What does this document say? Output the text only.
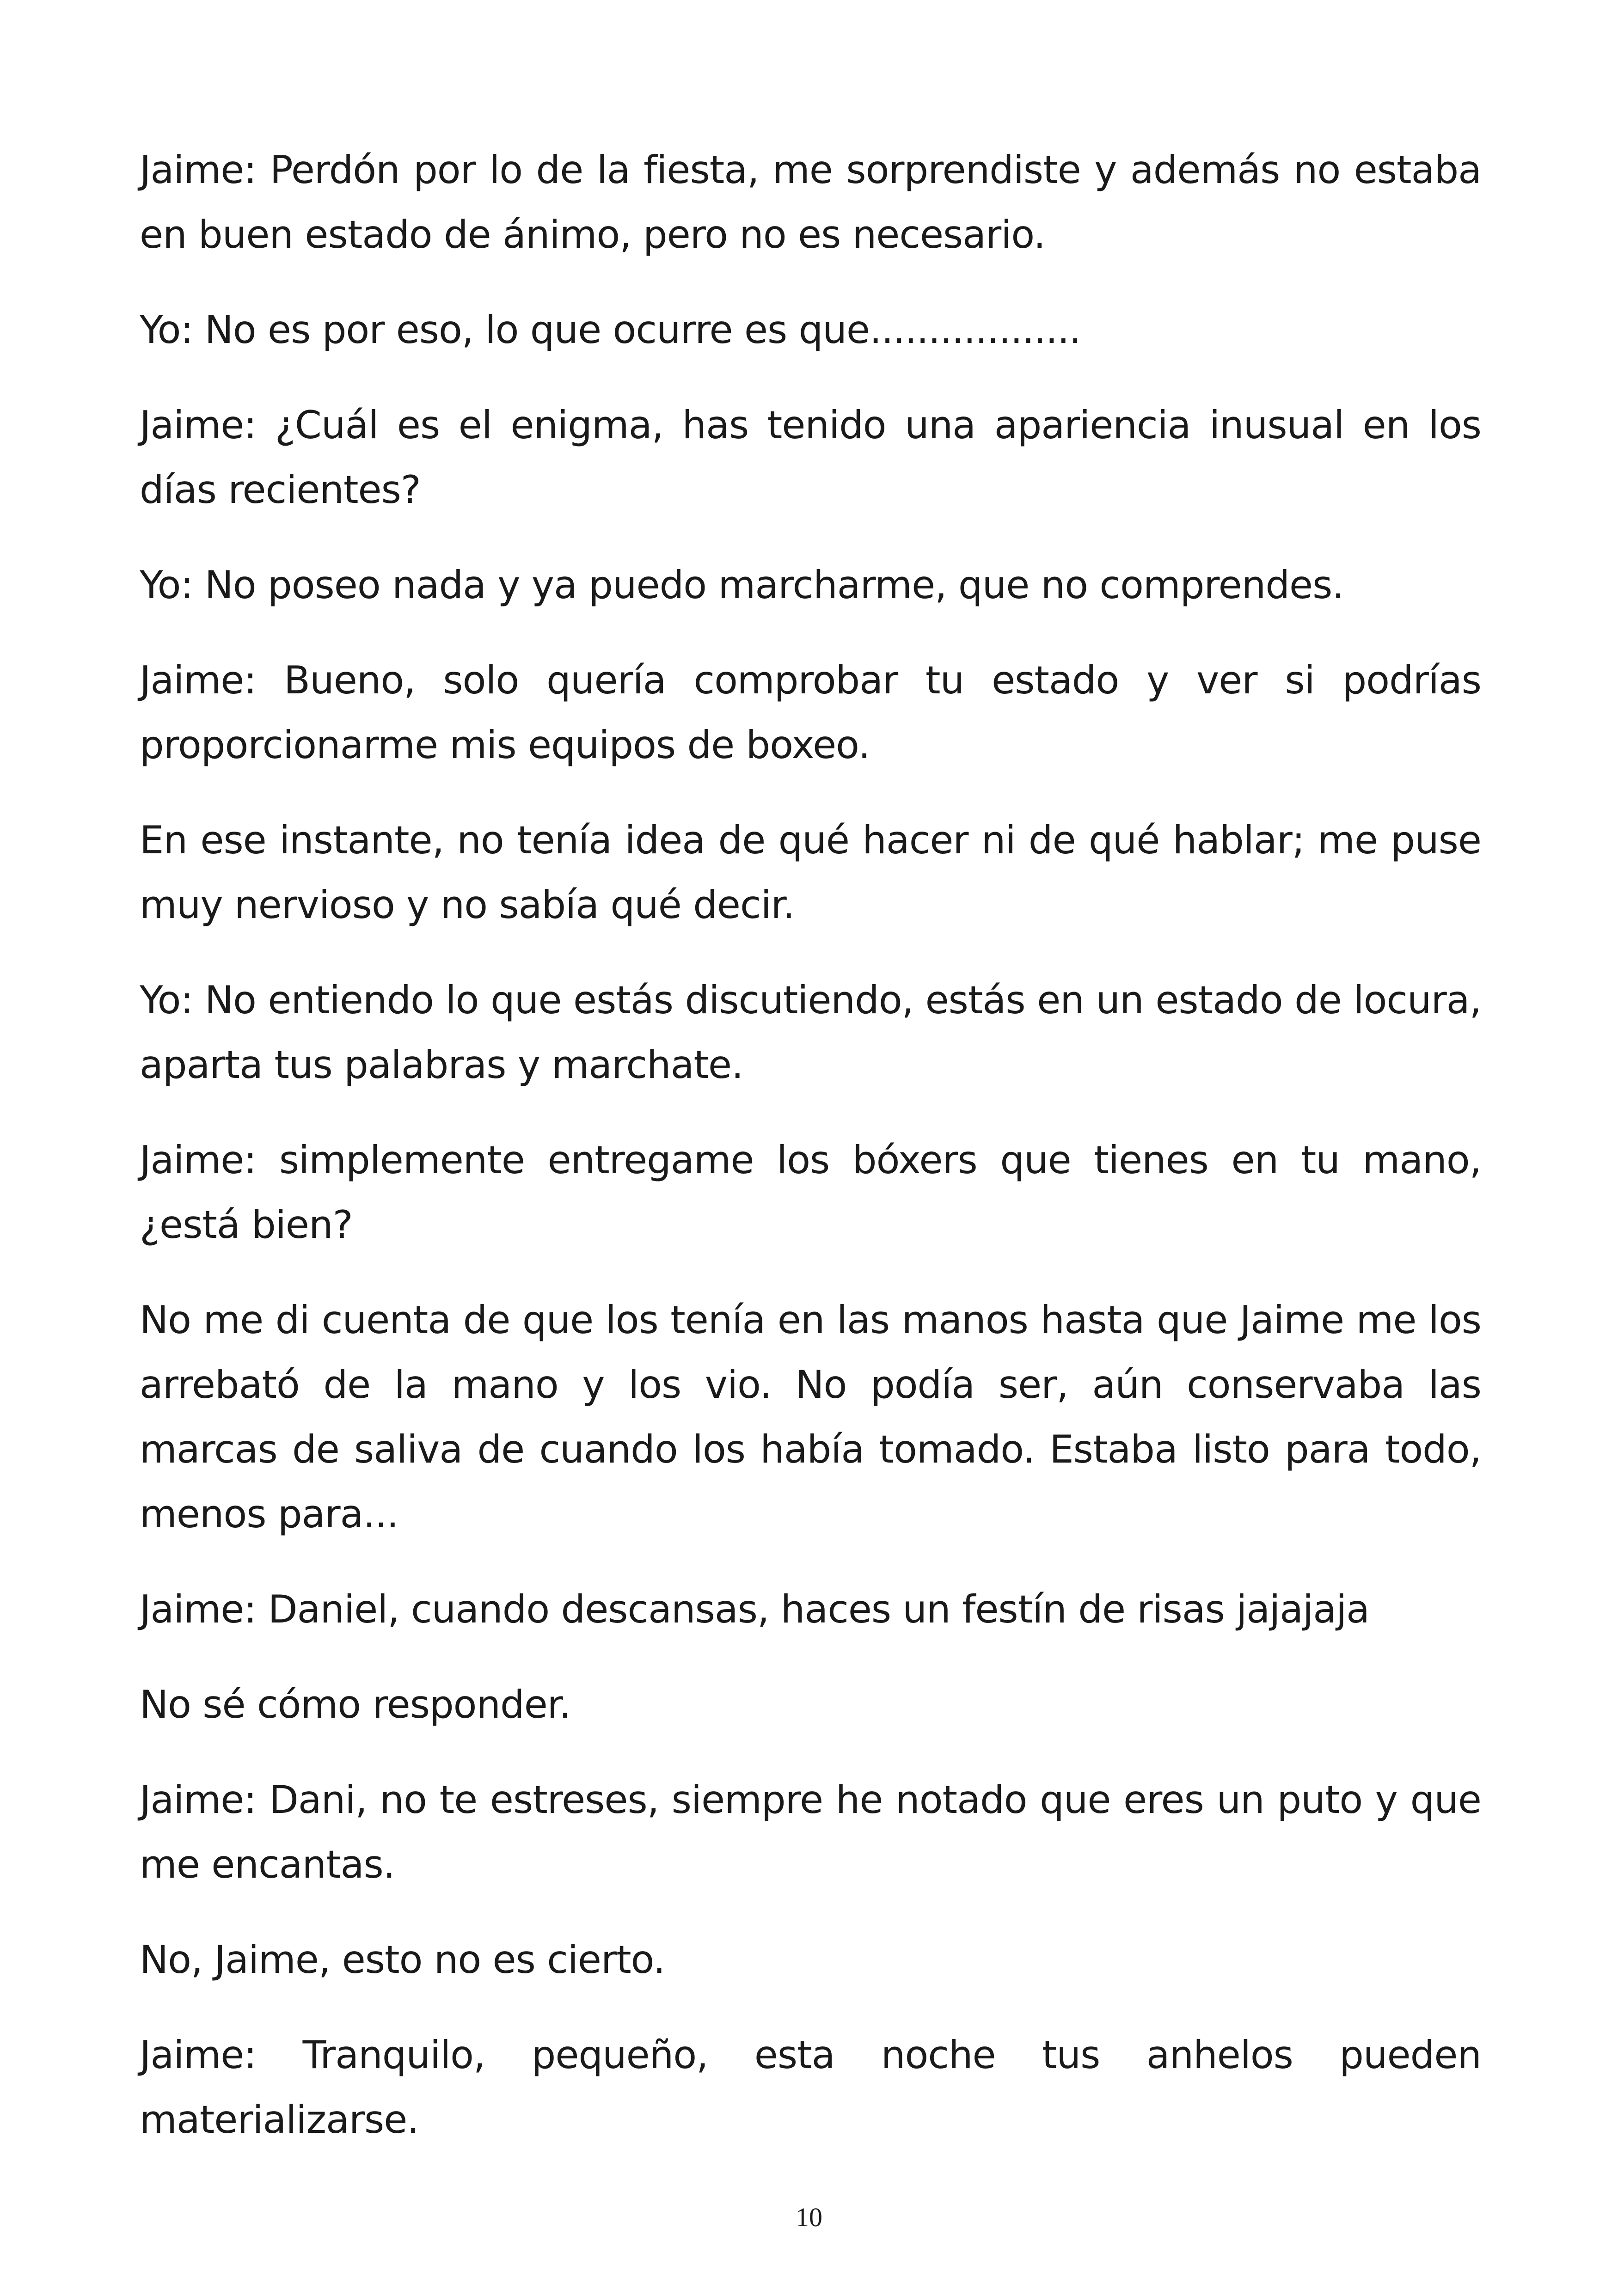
Jaime: Perdón por lo de la fiesta, me sorprendiste y además no estaba en buen estado de ánimo, pero no es necesario.

Yo: No es por eso, lo que ocurre es que..................

Jaime: ¿Cuál es el enigma, has tenido una apariencia inusual en los días recientes?

Yo: No poseo nada y ya puedo marcharme, que no comprendes.

Jaime: Bueno, solo quería comprobar tu estado y ver si podrías proporcionarme mis equipos de boxeo.

En ese instante, no tenía idea de qué hacer ni de qué hablar; me puse muy nervioso y no sabía qué decir.

Yo: No entiendo lo que estás discutiendo, estás en un estado de locura, aparta tus palabras y marchate.

Jaime: simplemente entregame los bóxers que tienes en tu mano, ¿está bien?

No me di cuenta de que los tenía en las manos hasta que Jaime me los arrebató de la mano y los vio. No podía ser, aún conservaba las marcas de saliva de cuando los había tomado. Estaba listo para todo, menos para...

Jaime: Daniel, cuando descansas, haces un festín de risas jajajaja

No sé cómo responder.

Jaime: Dani, no te estreses, siempre he notado que eres un puto y que me encantas.

No, Jaime, esto no es cierto.

Jaime: Tranquilo, pequeño, esta noche tus anhelos pueden materializarse.

10
